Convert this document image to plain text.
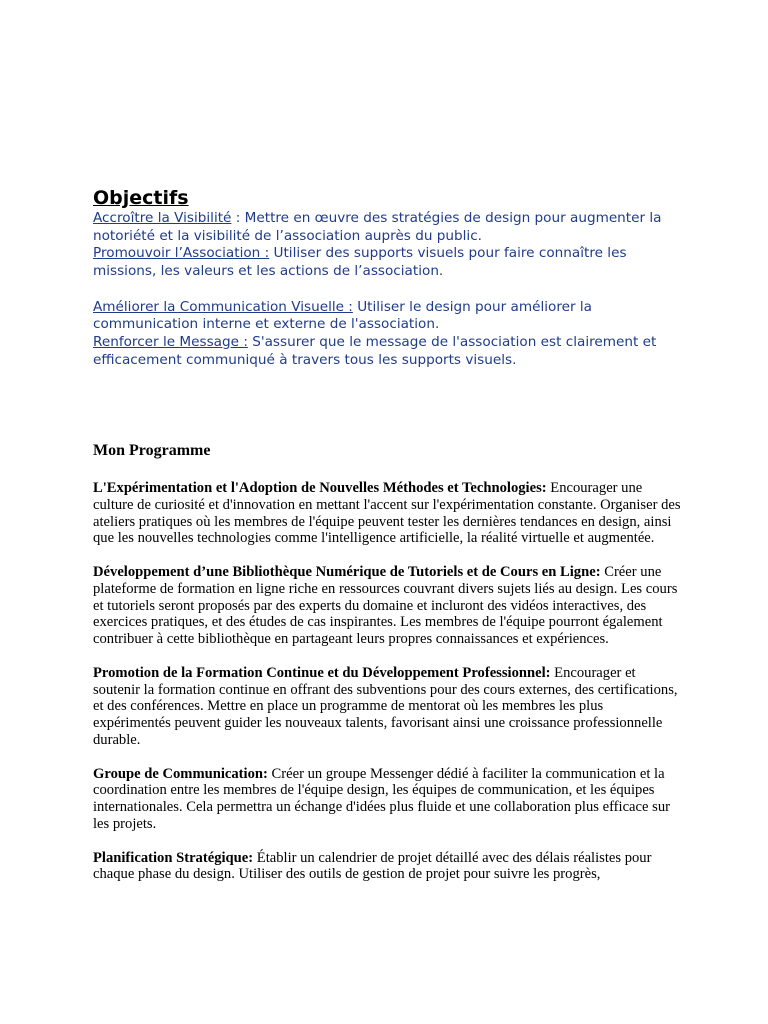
Objectifs

Accroître la Visibilité : Mettre en œuvre des stratégies de design pour augmenter la notoriété et la visibilité de l’association auprès du public.

Promouvoir l’Association : Utiliser des supports visuels pour faire connaître les missions, les valeurs et les actions de l’association.

Améliorer la Communication Visuelle : Utiliser le design pour améliorer la communication interne et externe de l'association.

Renforcer le Message : S'assurer que le message de l'association est clairement et efficacement communiqué à travers tous les supports visuels.

Mon Programme

L'Expérimentation et l'Adoption de Nouvelles Méthodes et Technologies: Encourager une culture de curiosité et d'innovation en mettant l'accent sur l'expérimentation constante. Organiser des ateliers pratiques où les membres de l'équipe peuvent tester les dernières tendances en design, ainsi que les nouvelles technologies comme l'intelligence artificielle, la réalité virtuelle et augmentée.

Développement d’une Bibliothèque Numérique de Tutoriels et de Cours en Ligne: Créer une plateforme de formation en ligne riche en ressources couvrant divers sujets liés au design. Les cours et tutoriels seront proposés par des experts du domaine et incluront des vidéos interactives, des exercices pratiques, et des études de cas inspirantes. Les membres de l'équipe pourront également contribuer à cette bibliothèque en partageant leurs propres connaissances et expériences.

Promotion de la Formation Continue et du Développement Professionnel: Encourager et soutenir la formation continue en offrant des subventions pour des cours externes, des certifications, et des conférences. Mettre en place un programme de mentorat où les membres les plus expérimentés peuvent guider les nouveaux talents, favorisant ainsi une croissance professionnelle durable.

Groupe de Communication: Créer un groupe Messenger dédié à faciliter la communication et la coordination entre les membres de l'équipe design, les équipes de communication, et les équipes internationales. Cela permettra un échange d'idées plus fluide et une collaboration plus efficace sur les projets.

Planification Stratégique: Établir un calendrier de projet détaillé avec des délais réalistes pour chaque phase du design. Utiliser des outils de gestion de projet pour suivre les progrès,
